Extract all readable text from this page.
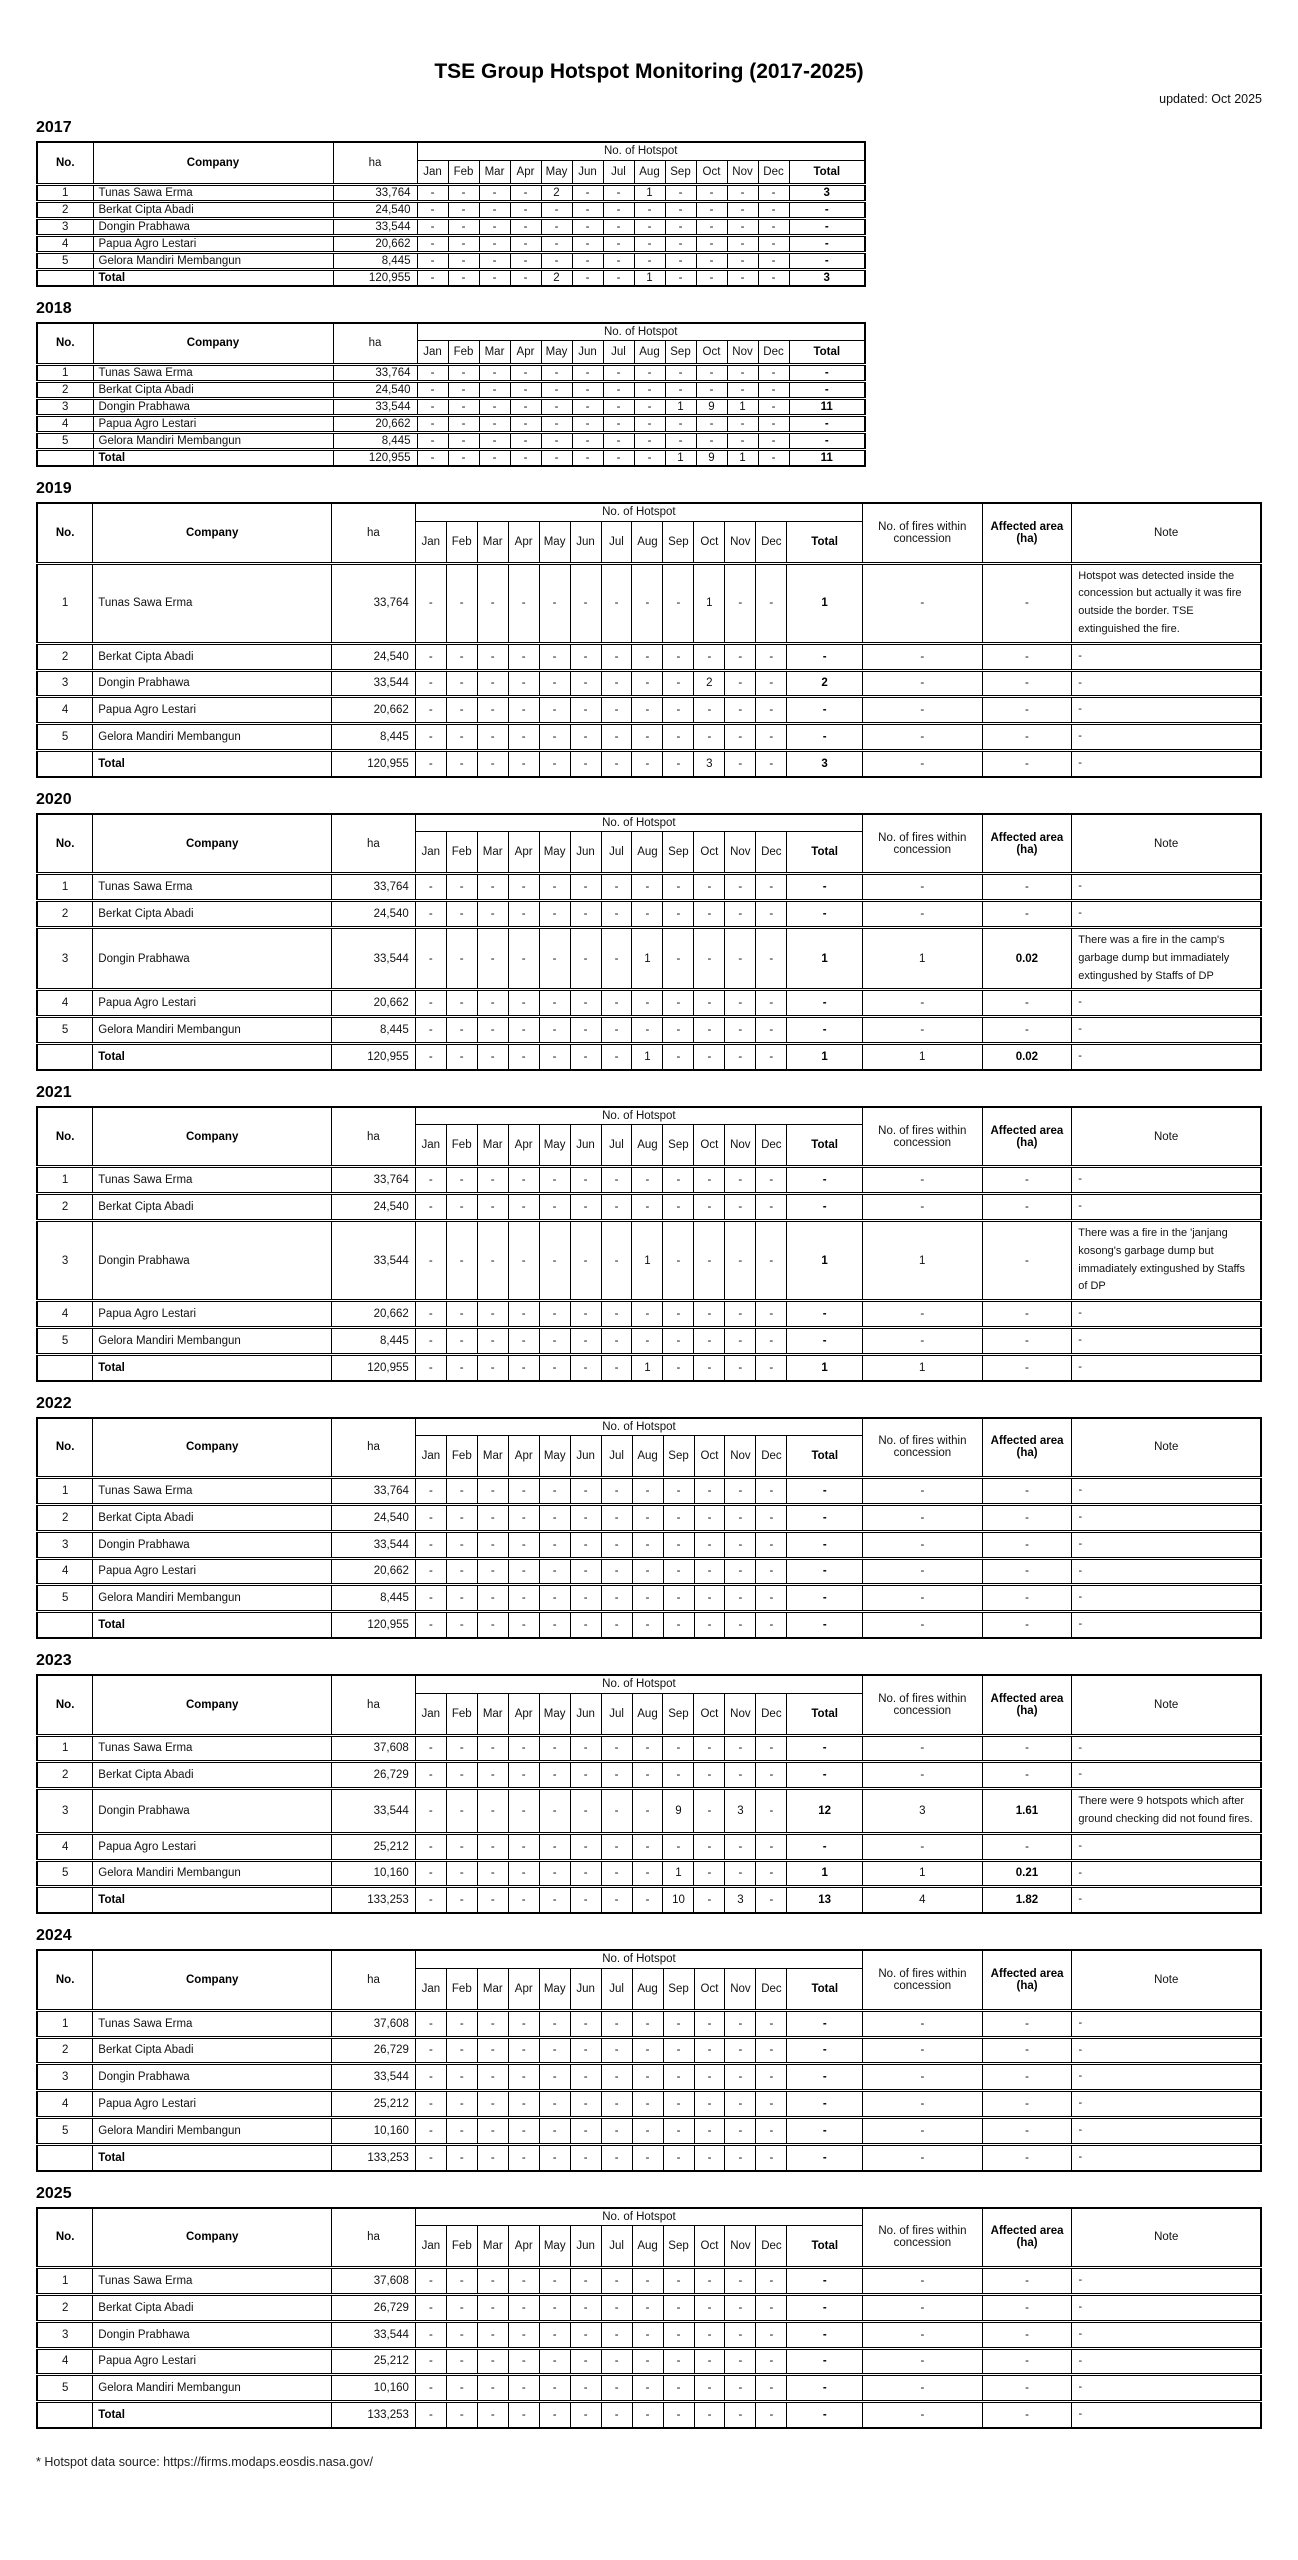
TSE Group Hotspot Monitoring (2017-2025)
updated: Oct 2025
2017
No.	Company	ha	No. of Hotspot												
			Jan	Feb	Mar	Apr	May	Jun	Jul	Aug	Sep	Oct	Nov	Dec	Total
1	Tunas Sawa Erma	33,764	-	-	-	-	2	-	-	1	-	-	-	-	3
2	Berkat Cipta Abadi	24,540	-	-	-	-	-	-	-	-	-	-	-	-	-
3	Dongin Prabhawa	33,544	-	-	-	-	-	-	-	-	-	-	-	-	-
4	Papua Agro Lestari	20,662	-	-	-	-	-	-	-	-	-	-	-	-	-
5	Gelora Mandiri Membangun	8,445	-	-	-	-	-	-	-	-	-	-	-	-	-
	Total	120,955	-	-	-	-	2	-	-	1	-	-	-	-	3
2018
No.	Company	ha	No. of Hotspot												
			Jan	Feb	Mar	Apr	May	Jun	Jul	Aug	Sep	Oct	Nov	Dec	Total
1	Tunas Sawa Erma	33,764	-	-	-	-	-	-	-	-	-	-	-	-	-
2	Berkat Cipta Abadi	24,540	-	-	-	-	-	-	-	-	-	-	-	-	-
3	Dongin Prabhawa	33,544	-	-	-	-	-	-	-	-	1	9	1	-	11
4	Papua Agro Lestari	20,662	-	-	-	-	-	-	-	-	-	-	-	-	-
5	Gelora Mandiri Membangun	8,445	-	-	-	-	-	-	-	-	-	-	-	-	-
	Total	120,955	-	-	-	-	-	-	-	-	1	9	1	-	11
2019
No.	Company	ha	No. of Hotspot													No. of fires within concession	Affected area (ha)	Note
			Jan	Feb	Mar	Apr	May	Jun	Jul	Aug	Sep	Oct	Nov	Dec	Total			
1	Tunas Sawa Erma	33,764	-	-	-	-	-	-	-	-	-	1	-	-	1	-	-	Hotspot was detected inside the concession but actually it was fire outside the border. TSE extinguished the fire.
2	Berkat Cipta Abadi	24,540	-	-	-	-	-	-	-	-	-	-	-	-	-	-	-	-
3	Dongin Prabhawa	33,544	-	-	-	-	-	-	-	-	-	2	-	-	2	-	-	-
4	Papua Agro Lestari	20,662	-	-	-	-	-	-	-	-	-	-	-	-	-	-	-	-
5	Gelora Mandiri Membangun	8,445	-	-	-	-	-	-	-	-	-	-	-	-	-	-	-	-
	Total	120,955	-	-	-	-	-	-	-	-	-	3	-	-	3	-	-	-
2020
No.	Company	ha	No. of Hotspot													No. of fires within concession	Affected area (ha)	Note
			Jan	Feb	Mar	Apr	May	Jun	Jul	Aug	Sep	Oct	Nov	Dec	Total			
1	Tunas Sawa Erma	33,764	-	-	-	-	-	-	-	-	-	-	-	-	-	-	-	-
2	Berkat Cipta Abadi	24,540	-	-	-	-	-	-	-	-	-	-	-	-	-	-	-	-
3	Dongin Prabhawa	33,544	-	-	-	-	-	-	-	1	-	-	-	-	1	1	0.02	There was a fire in the camp's garbage dump but immadiately extingushed by Staffs of DP
4	Papua Agro Lestari	20,662	-	-	-	-	-	-	-	-	-	-	-	-	-	-	-	-
5	Gelora Mandiri Membangun	8,445	-	-	-	-	-	-	-	-	-	-	-	-	-	-	-	-
	Total	120,955	-	-	-	-	-	-	-	1	-	-	-	-	1	1	0.02	-
2021
No.	Company	ha	No. of Hotspot													No. of fires within concession	Affected area (ha)	Note
			Jan	Feb	Mar	Apr	May	Jun	Jul	Aug	Sep	Oct	Nov	Dec	Total			
1	Tunas Sawa Erma	33,764	-	-	-	-	-	-	-	-	-	-	-	-	-	-	-	-
2	Berkat Cipta Abadi	24,540	-	-	-	-	-	-	-	-	-	-	-	-	-	-	-	-
3	Dongin Prabhawa	33,544	-	-	-	-	-	-	-	1	-	-	-	-	1	1	-	There was a fire in the 'janjang kosong's garbage dump but immadiately extingushed by Staffs of DP
4	Papua Agro Lestari	20,662	-	-	-	-	-	-	-	-	-	-	-	-	-	-	-	-
5	Gelora Mandiri Membangun	8,445	-	-	-	-	-	-	-	-	-	-	-	-	-	-	-	-
	Total	120,955	-	-	-	-	-	-	-	1	-	-	-	-	1	1	-	-
2022
No.	Company	ha	No. of Hotspot													No. of fires within concession	Affected area (ha)	Note
			Jan	Feb	Mar	Apr	May	Jun	Jul	Aug	Sep	Oct	Nov	Dec	Total			
1	Tunas Sawa Erma	33,764	-	-	-	-	-	-	-	-	-	-	-	-	-	-	-	-
2	Berkat Cipta Abadi	24,540	-	-	-	-	-	-	-	-	-	-	-	-	-	-	-	-
3	Dongin Prabhawa	33,544	-	-	-	-	-	-	-	-	-	-	-	-	-	-	-	-
4	Papua Agro Lestari	20,662	-	-	-	-	-	-	-	-	-	-	-	-	-	-	-	-
5	Gelora Mandiri Membangun	8,445	-	-	-	-	-	-	-	-	-	-	-	-	-	-	-	-
	Total	120,955	-	-	-	-	-	-	-	-	-	-	-	-	-	-	-	-
2023
No.	Company	ha	No. of Hotspot													No. of fires within concession	Affected area (ha)	Note
			Jan	Feb	Mar	Apr	May	Jun	Jul	Aug	Sep	Oct	Nov	Dec	Total			
1	Tunas Sawa Erma	37,608	-	-	-	-	-	-	-	-	-	-	-	-	-	-	-	-
2	Berkat Cipta Abadi	26,729	-	-	-	-	-	-	-	-	-	-	-	-	-	-	-	-
3	Dongin Prabhawa	33,544	-	-	-	-	-	-	-	-	9	-	3	-	12	3	1.61	There were 9 hotspots which after ground checking did not found fires.
4	Papua Agro Lestari	25,212	-	-	-	-	-	-	-	-	-	-	-	-	-	-	-	-
5	Gelora Mandiri Membangun	10,160	-	-	-	-	-	-	-	-	1	-	-	-	1	1	0.21	-
	Total	133,253	-	-	-	-	-	-	-	-	10	-	3	-	13	4	1.82	-
2024
No.	Company	ha	No. of Hotspot													No. of fires within concession	Affected area (ha)	Note
			Jan	Feb	Mar	Apr	May	Jun	Jul	Aug	Sep	Oct	Nov	Dec	Total			
1	Tunas Sawa Erma	37,608	-	-	-	-	-	-	-	-	-	-	-	-	-	-	-	-
2	Berkat Cipta Abadi	26,729	-	-	-	-	-	-	-	-	-	-	-	-	-	-	-	-
3	Dongin Prabhawa	33,544	-	-	-	-	-	-	-	-	-	-	-	-	-	-	-	-
4	Papua Agro Lestari	25,212	-	-	-	-	-	-	-	-	-	-	-	-	-	-	-	-
5	Gelora Mandiri Membangun	10,160	-	-	-	-	-	-	-	-	-	-	-	-	-	-	-	-
	Total	133,253	-	-	-	-	-	-	-	-	-	-	-	-	-	-	-	-
2025
No.	Company	ha	No. of Hotspot													No. of fires within concession	Affected area (ha)	Note
			Jan	Feb	Mar	Apr	May	Jun	Jul	Aug	Sep	Oct	Nov	Dec	Total			
1	Tunas Sawa Erma	37,608	-	-	-	-	-	-	-	-	-	-	-	-	-	-	-	-
2	Berkat Cipta Abadi	26,729	-	-	-	-	-	-	-	-	-	-	-	-	-	-	-	-
3	Dongin Prabhawa	33,544	-	-	-	-	-	-	-	-	-	-	-	-	-	-	-	-
4	Papua Agro Lestari	25,212	-	-	-	-	-	-	-	-	-	-	-	-	-	-	-	-
5	Gelora Mandiri Membangun	10,160	-	-	-	-	-	-	-	-	-	-	-	-	-	-	-	-
	Total	133,253	-	-	-	-	-	-	-	-	-	-	-	-	-	-	-	-
* Hotspot data source: https://firms.modaps.eosdis.nasa.gov/
